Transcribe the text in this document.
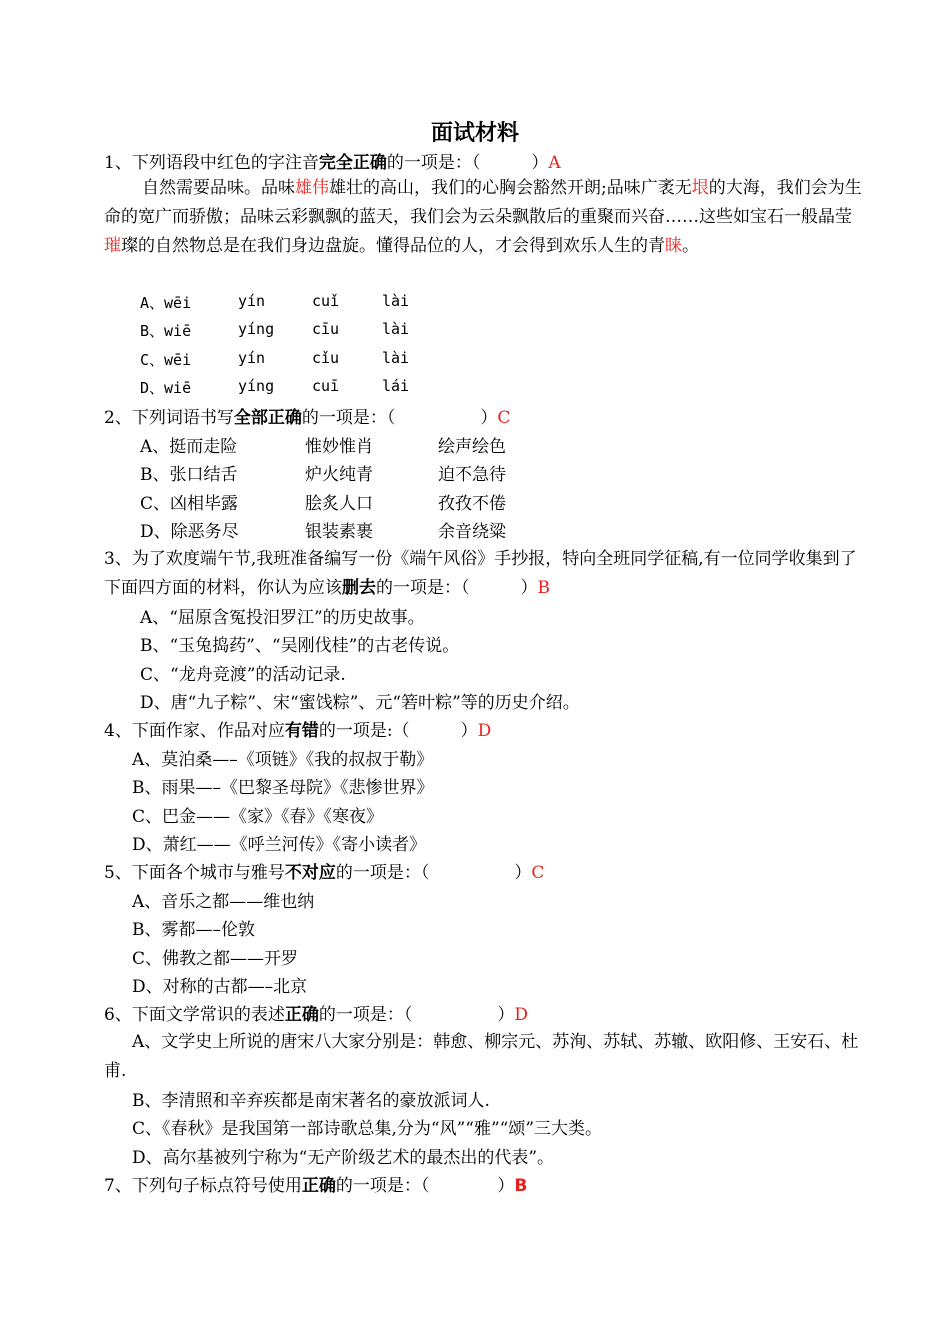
面试材料
1、下列语段中红色的字注音完全正确的一项是：（　　　）A
自然需要品味。品味雄伟雄壮的高山，我们的心胸会豁然开朗;品味广袤无垠的大海，我们会为生命的宽广而骄傲；品味云彩飘飘的蓝天，我们会为云朵飘散后的重聚而兴奋……这些如宝石一般晶莹璀璨的自然物总是在我们身边盘旋。懂得品位的人，才会得到欢乐人生的青睐。
A、wēi	yín	cuǐ	lài
B、wiē	yíng	cīu	lài
C、wēi	yín	cǐu	lài
D、wiē	yíng	cuī	lái
2、下列词语书写全部正确的一项是：（　　　　　）C
A、挺而走险	惟妙惟肖	绘声绘色
B、张口结舌	炉火纯青	迫不急待
C、凶相毕露	脍炙人口	孜孜不倦
D、除恶务尽	银装素裹	余音绕粱
3、为了欢度端午节,我班准备编写一份《端午风俗》手抄报，特向全班同学征稿,有一位同学收集到了下面四方面的材料，你认为应该删去的一项是：（　　　）B
A、“屈原含冤投汨罗江”的历史故事。
B、“玉兔捣药”、“吴刚伐桂”的古老传说。
C、“龙舟竞渡”的活动记录.
D、唐“九子粽”、宋“蜜饯粽”、元“箬叶粽”等的历史介绍。
4、下面作家、作品对应有错的一项是:（　　　）D
A、莫泊桑—–《项链》《我的叔叔于勒》
B、雨果—–《巴黎圣母院》《悲惨世界》
C、巴金——《家》《春》《寒夜》
D、萧红——《呼兰河传》《寄小读者》
5、下面各个城市与雅号不对应的一项是：（　　　　　）C
A、音乐之都——维也纳
B、雾都—–伦敦
C、佛教之都——开罗
D、对称的古都—–北京
6、下面文学常识的表述正确的一项是：（　　　　　）D
A、文学史上所说的唐宋八大家分别是：韩愈、柳宗元、苏洵、苏轼、苏辙、欧阳修、王安石、杜甫.
B、李清照和辛弃疾都是南宋著名的豪放派词人.
C、《春秋》是我国第一部诗歌总集,分为“风”“雅”“颂”三大类。
D、高尔基被列宁称为“无产阶级艺术的最杰出的代表”。
7、下列句子标点符号使用正确的一项是：（　　　　）B
